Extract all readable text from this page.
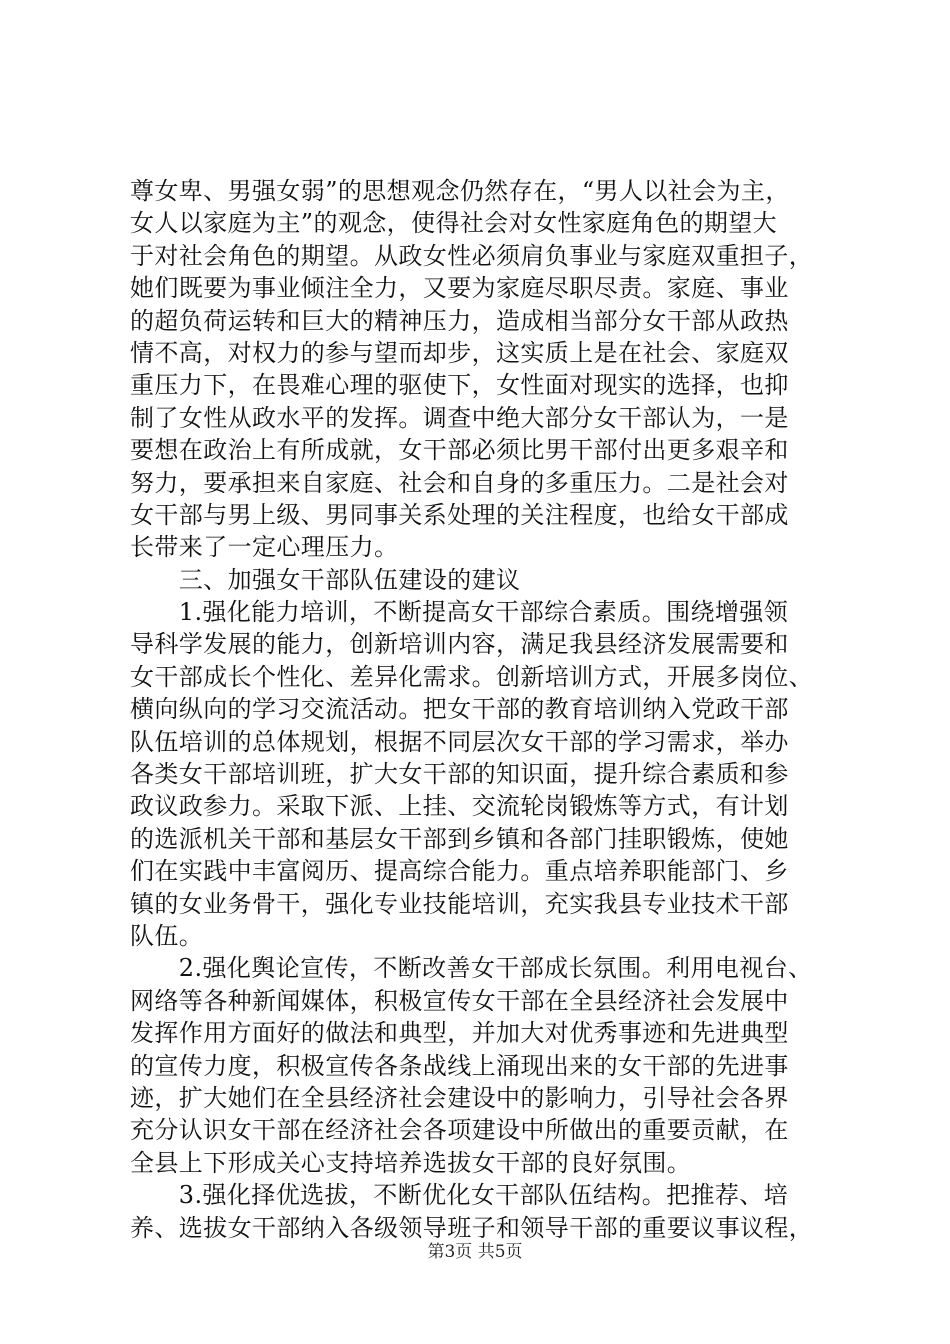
尊女卑、男强女弱”的思想观念仍然存在，“男人以社会为主，
女人以家庭为主”的观念，使得社会对女性家庭角色的期望大
于对社会角色的期望。从政女性必须肩负事业与家庭双重担子，
她们既要为事业倾注全力，又要为家庭尽职尽责。家庭、事业
的超负荷运转和巨大的精神压力，造成相当部分女干部从政热
情不高，对权力的参与望而却步，这实质上是在社会、家庭双
重压力下，在畏难心理的驱使下，女性面对现实的选择，也抑
制了女性从政水平的发挥。调查中绝大部分女干部认为，一是
要想在政治上有所成就，女干部必须比男干部付出更多艰辛和
努力，要承担来自家庭、社会和自身的多重压力。二是社会对
女干部与男上级、男同事关系处理的关注程度，也给女干部成
长带来了一定心理压力。
　　三、加强女干部队伍建设的建议
　　1.强化能力培训，不断提高女干部综合素质。围绕增强领
导科学发展的能力，创新培训内容，满足我县经济发展需要和
女干部成长个性化、差异化需求。创新培训方式，开展多岗位、
横向纵向的学习交流活动。把女干部的教育培训纳入党政干部
队伍培训的总体规划，根据不同层次女干部的学习需求，举办
各类女干部培训班，扩大女干部的知识面，提升综合素质和参
政议政参力。采取下派、上挂、交流轮岗锻炼等方式，有计划
的选派机关干部和基层女干部到乡镇和各部门挂职锻炼，使她
们在实践中丰富阅历、提高综合能力。重点培养职能部门、乡
镇的女业务骨干，强化专业技能培训，充实我县专业技术干部
队伍。
　　2.强化舆论宣传，不断改善女干部成长氛围。利用电视台、
网络等各种新闻媒体，积极宣传女干部在全县经济社会发展中
发挥作用方面好的做法和典型，并加大对优秀事迹和先进典型
的宣传力度，积极宣传各条战线上涌现出来的女干部的先进事
迹，扩大她们在全县经济社会建设中的影响力，引导社会各界
充分认识女干部在经济社会各项建设中所做出的重要贡献，在
全县上下形成关心支持培养选拔女干部的良好氛围。
　　3.强化择优选拔，不断优化女干部队伍结构。把推荐、培
养、选拔女干部纳入各级领导班子和领导干部的重要议事议程，
第3页 共5页
